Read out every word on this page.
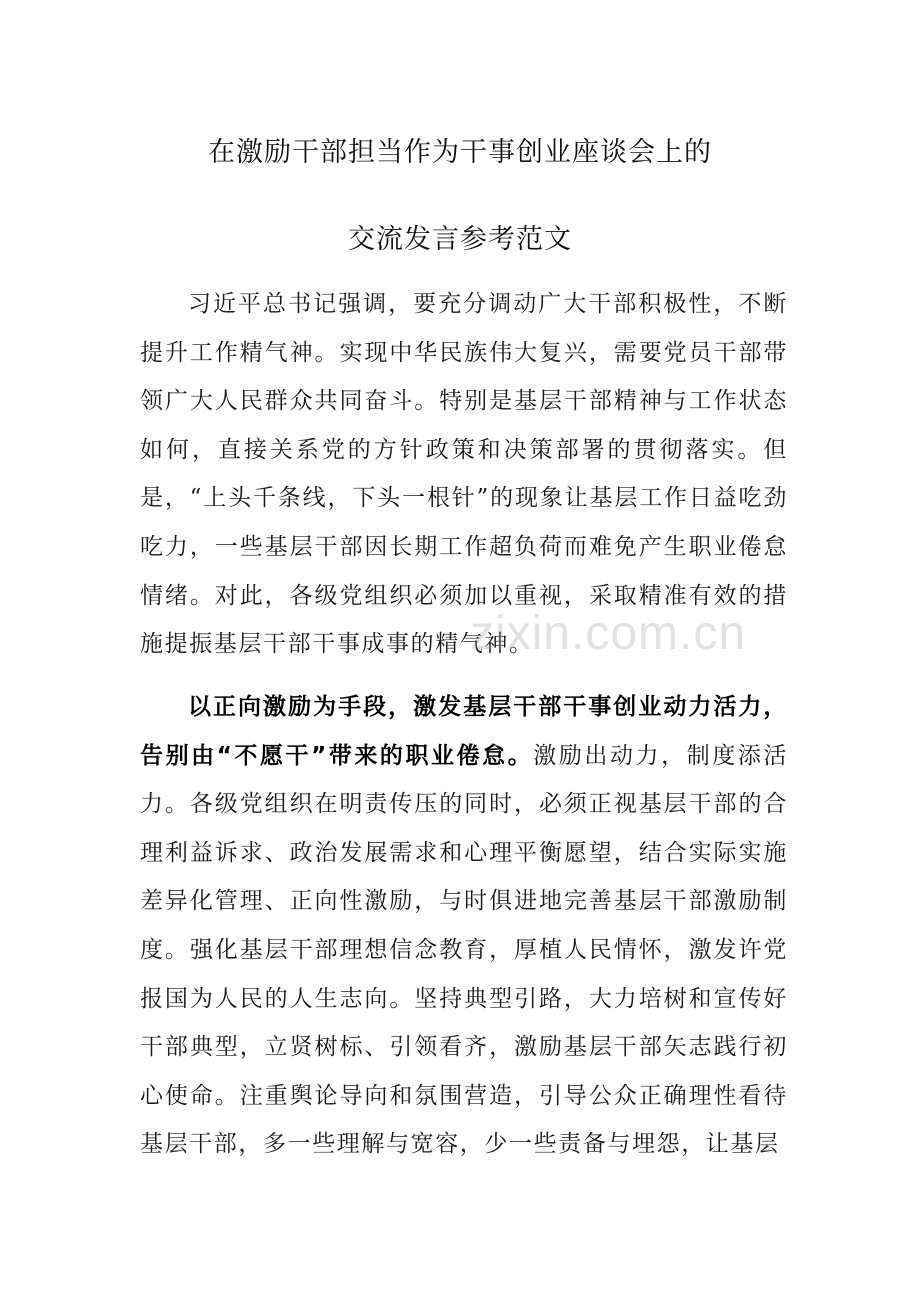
在激励干部担当作为干事创业座谈会上的
交流发言参考范文

习近平总书记强调，要充分调动广大干部积极性，不断提升工作精气神。实现中华民族伟大复兴，需要党员干部带领广大人民群众共同奋斗。特别是基层干部精神与工作状态如何，直接关系党的方针政策和决策部署的贯彻落实。但是，“上头千条线，下头一根针”的现象让基层工作日益吃劲吃力，一些基层干部因长期工作超负荷而难免产生职业倦怠情绪。对此，各级党组织必须加以重视，采取精准有效的措施提振基层干部干事成事的精气神。

以正向激励为手段，激发基层干部干事创业动力活力，告别由“不愿干”带来的职业倦怠。激励出动力，制度添活力。各级党组织在明责传压的同时，必须正视基层干部的合理利益诉求、政治发展需求和心理平衡愿望，结合实际实施差异化管理、正向性激励，与时俱进地完善基层干部激励制度。强化基层干部理想信念教育，厚植人民情怀，激发许党报国为人民的人生志向。坚持典型引路，大力培树和宣传好干部典型，立贤树标、引领看齐，激励基层干部矢志践行初心使命。注重舆论导向和氛围营造，引导公众正确理性看待基层干部，多一些理解与宽容，少一些责备与埋怨，让基层

zixin.com.cn
